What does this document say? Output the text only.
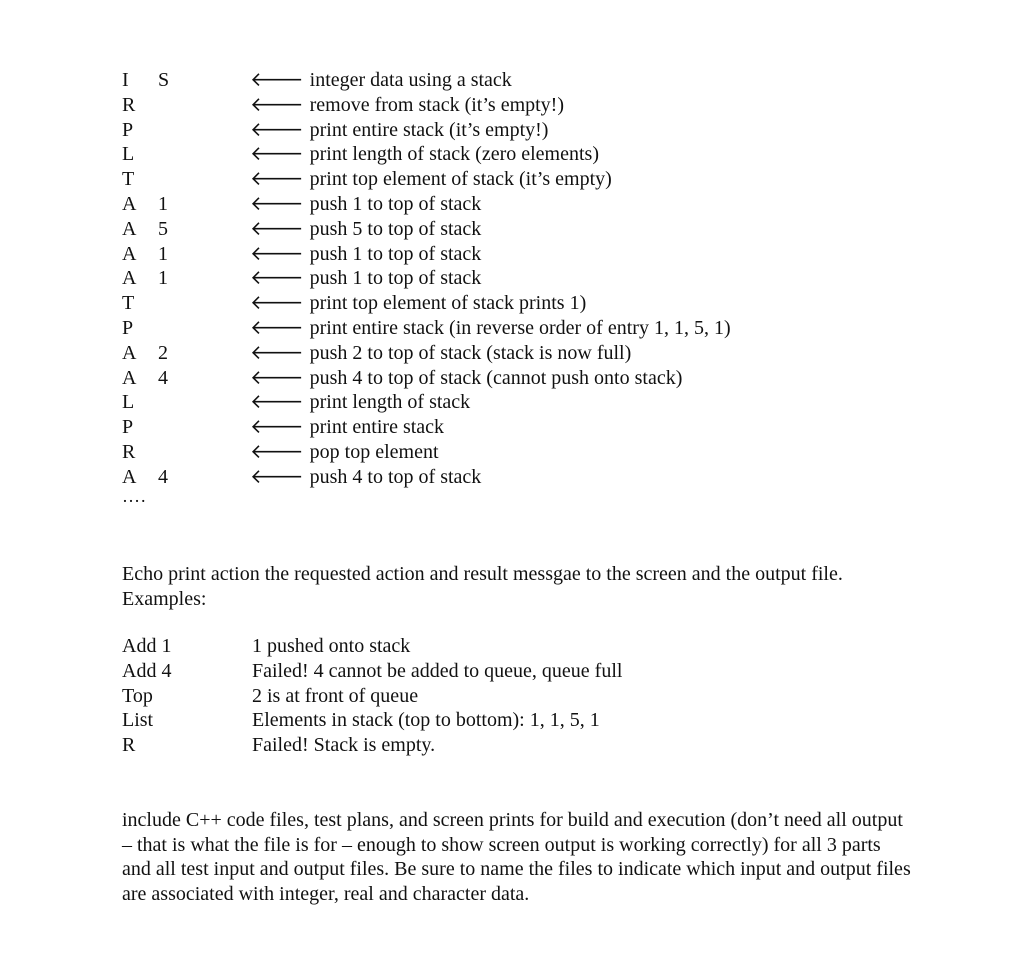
I S	🡐 integer data using a stack
R	🡐 remove from stack (it’s empty!)
P	🡐 print entire stack (it’s empty!)
L	🡐 print length of stack (zero elements)
T	🡐 print top element of stack (it’s empty)
A 1	🡐 push 1 to top of stack
A 5	🡐 push 5 to top of stack
A 1	🡐 push 1 to top of stack
A 1	🡐 push 1 to top of stack
T	🡐 print top element of stack prints 1)
P	🡐 print entire stack (in reverse order of entry 1, 1, 5, 1)
A 2	🡐 push 2 to top of stack (stack is now full)
A 4	🡐 push 4 to top of stack (cannot push onto stack)
L	🡐 print length of stack
P	🡐 print entire stack
R	🡐 pop top element
A 4	🡐 push 4 to top of stack
….

Echo print action the requested action and result messgae to the screen and the output file. Examples:

Add 1	1 pushed onto stack
Add 4	Failed! 4 cannot be added to queue, queue full
Top	2 is at front of queue
List	Elements in stack (top to bottom): 1, 1, 5, 1
R	Failed! Stack is empty.

include C++ code files, test plans, and screen prints for build and execution (don’t need all output – that is what the file is for – enough to show screen output is working correctly) for all 3 parts and all test input and output files. Be sure to name the files to indicate which input and output files are associated with integer, real and character data.
